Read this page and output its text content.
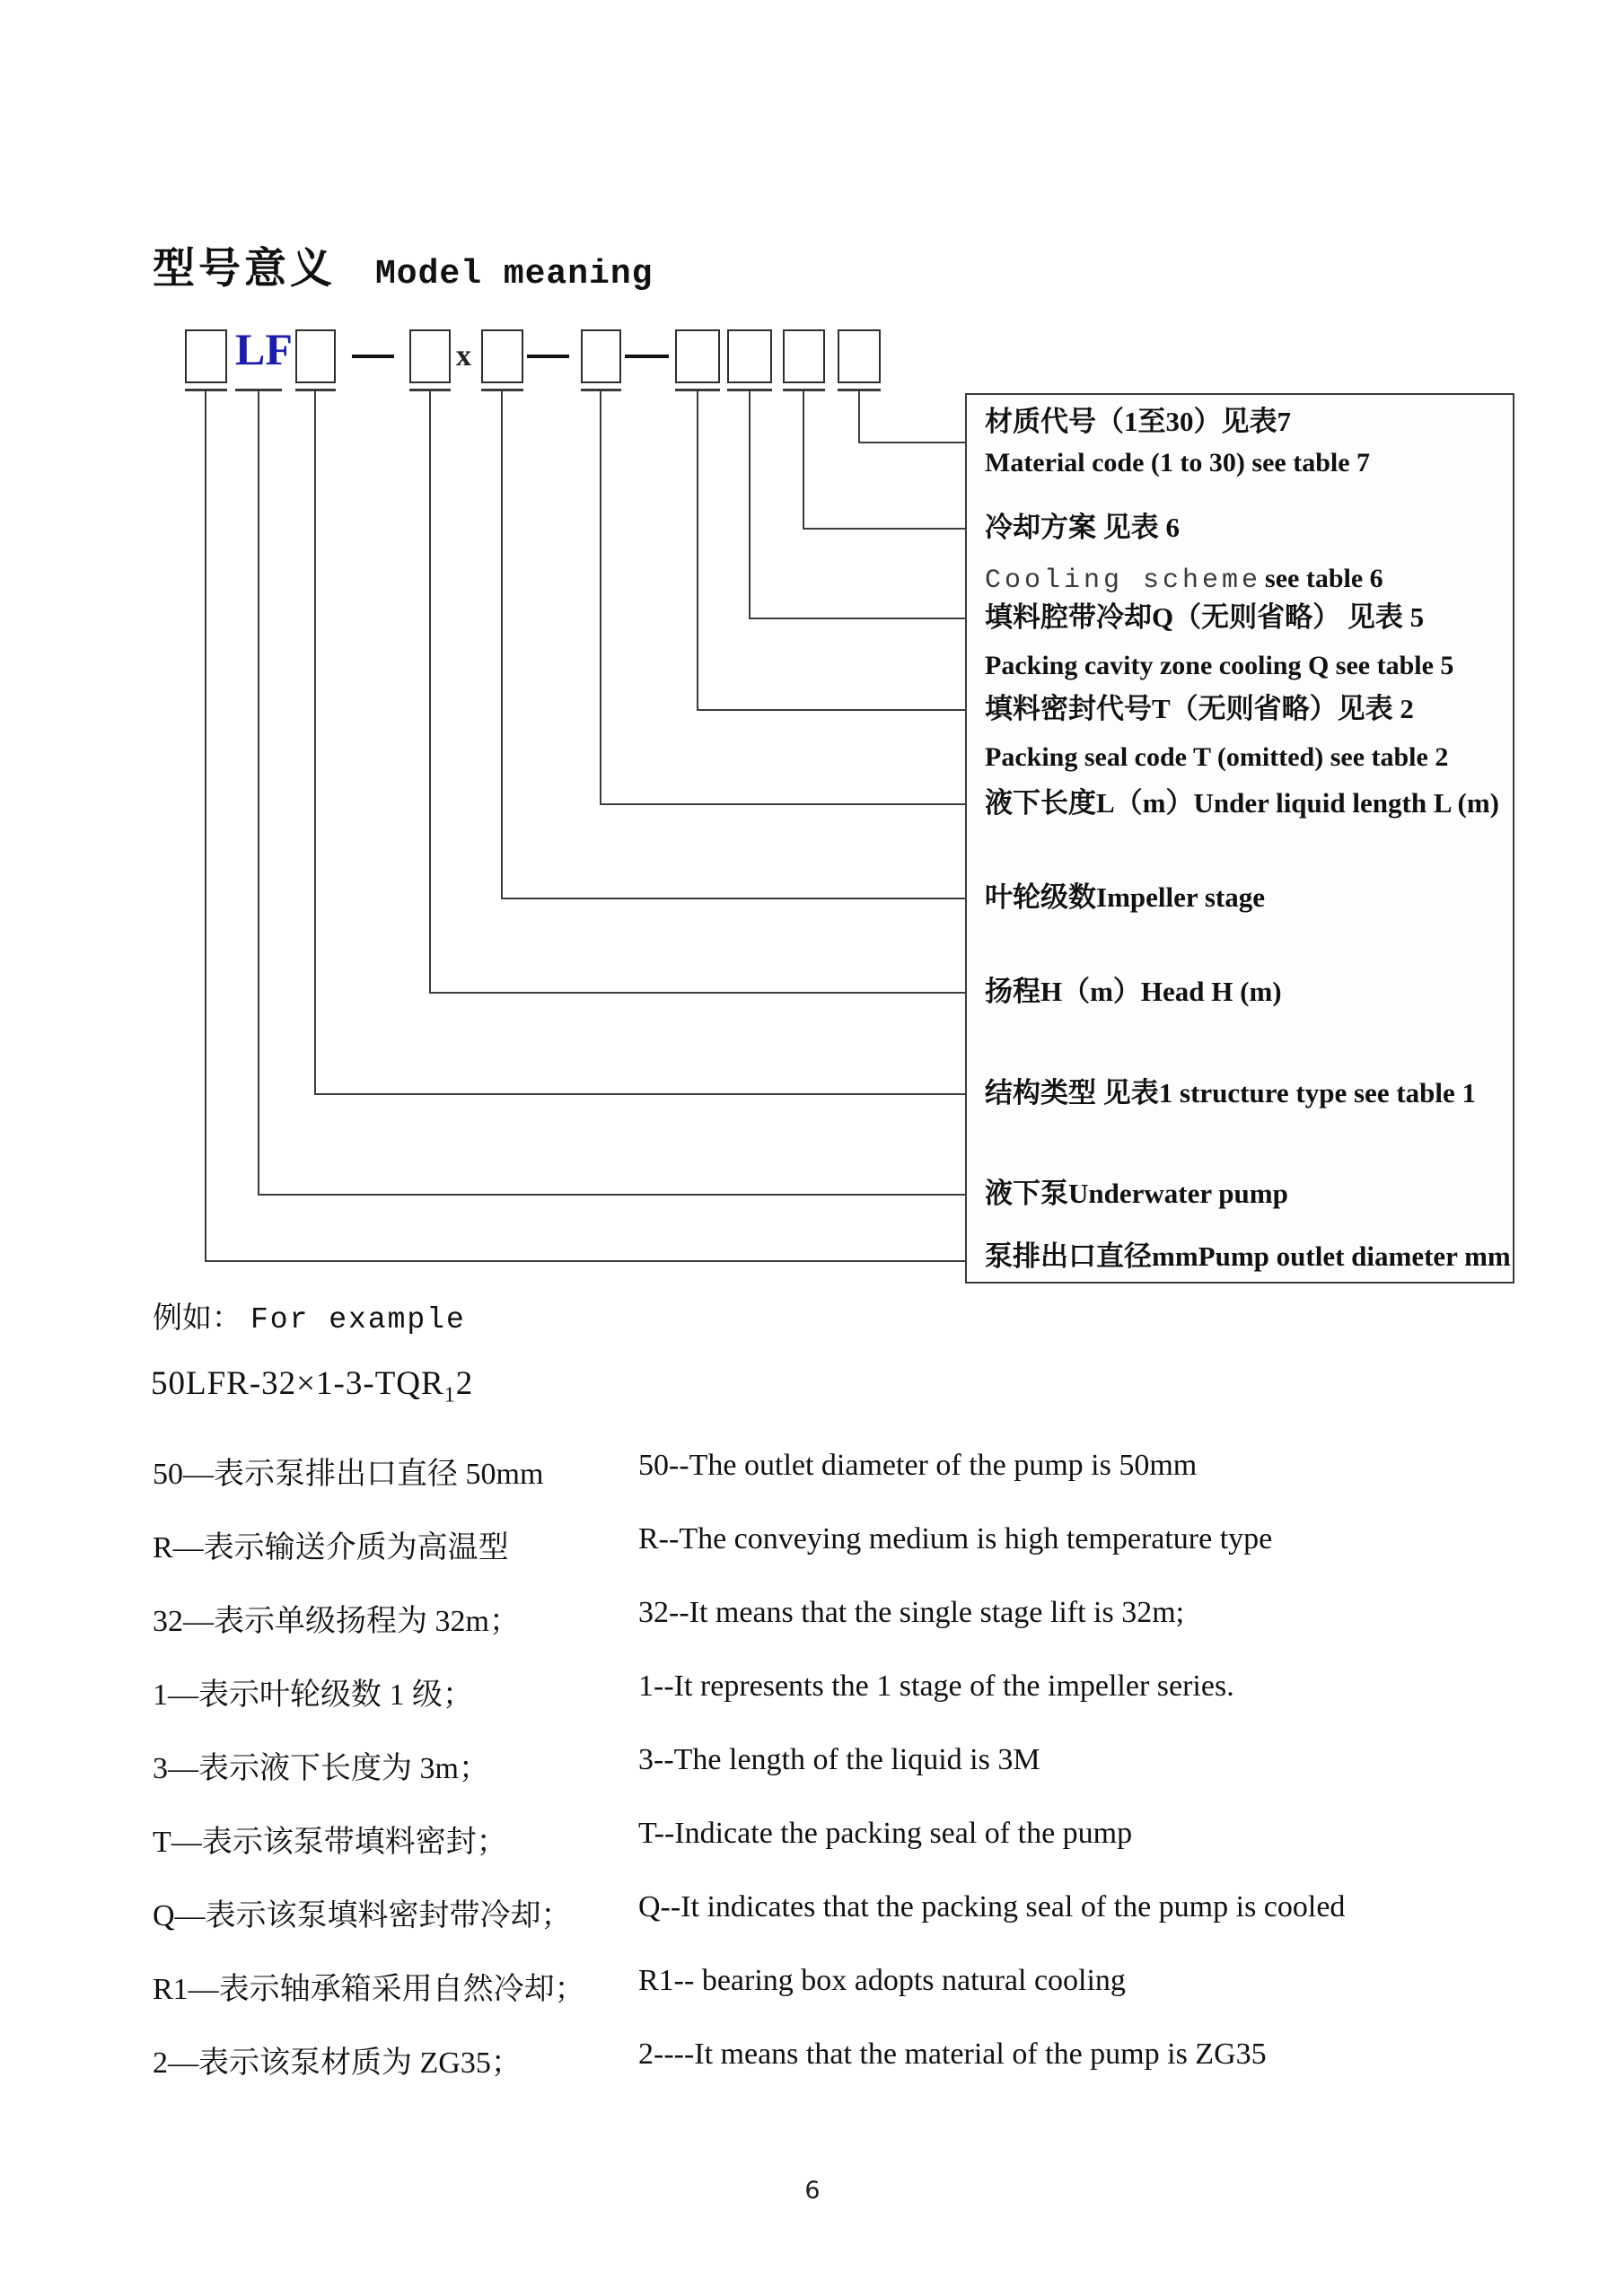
型号意义 Model meaning
LF	x
材质代号（1至30）见表7
Material code (1 to 30) see table 7
冷却方案 见表 6
Cooling scheme see table 6
填料腔带冷却Q（无则省略） 见表 5
Packing cavity zone cooling Q see table 5
填料密封代号T（无则省略）见表 2
Packing seal code T (omitted) see table 2
液下长度L（m）Under liquid length L (m)
叶轮级数Impeller stage
扬程H（m）Head H (m)
结构类型 见表1 structure type see table 1
液下泵Underwater pump
泵排出口直径mmPump outlet diameter mm
例如： For example
$50LFR-32\times 1-3-TQR_12$
50—表示泵排出口直径 50mm	50--The outlet diameter of the pump is 50mm
R—表示输送介质为高温型	R--The conveying medium is high temperature type
32—表示单级扬程为 32m；	32--It means that the single stage lift is 32m;
1—表示叶轮级数 1 级；	1--It represents the 1 stage of the impeller series.
3—表示液下长度为 3m；	3--The length of the liquid is 3M
T—表示该泵带填料密封；	T--Indicate the packing seal of the pump
Q—表示该泵填料密封带冷却； Q--It indicates that the packing seal of the pump is cooled
R1—表示轴承箱采用自然冷却； R1-- bearing box adopts natural cooling
2—表示该泵材质为 ZG35；	2----It means that the material of the pump is ZG35
6
